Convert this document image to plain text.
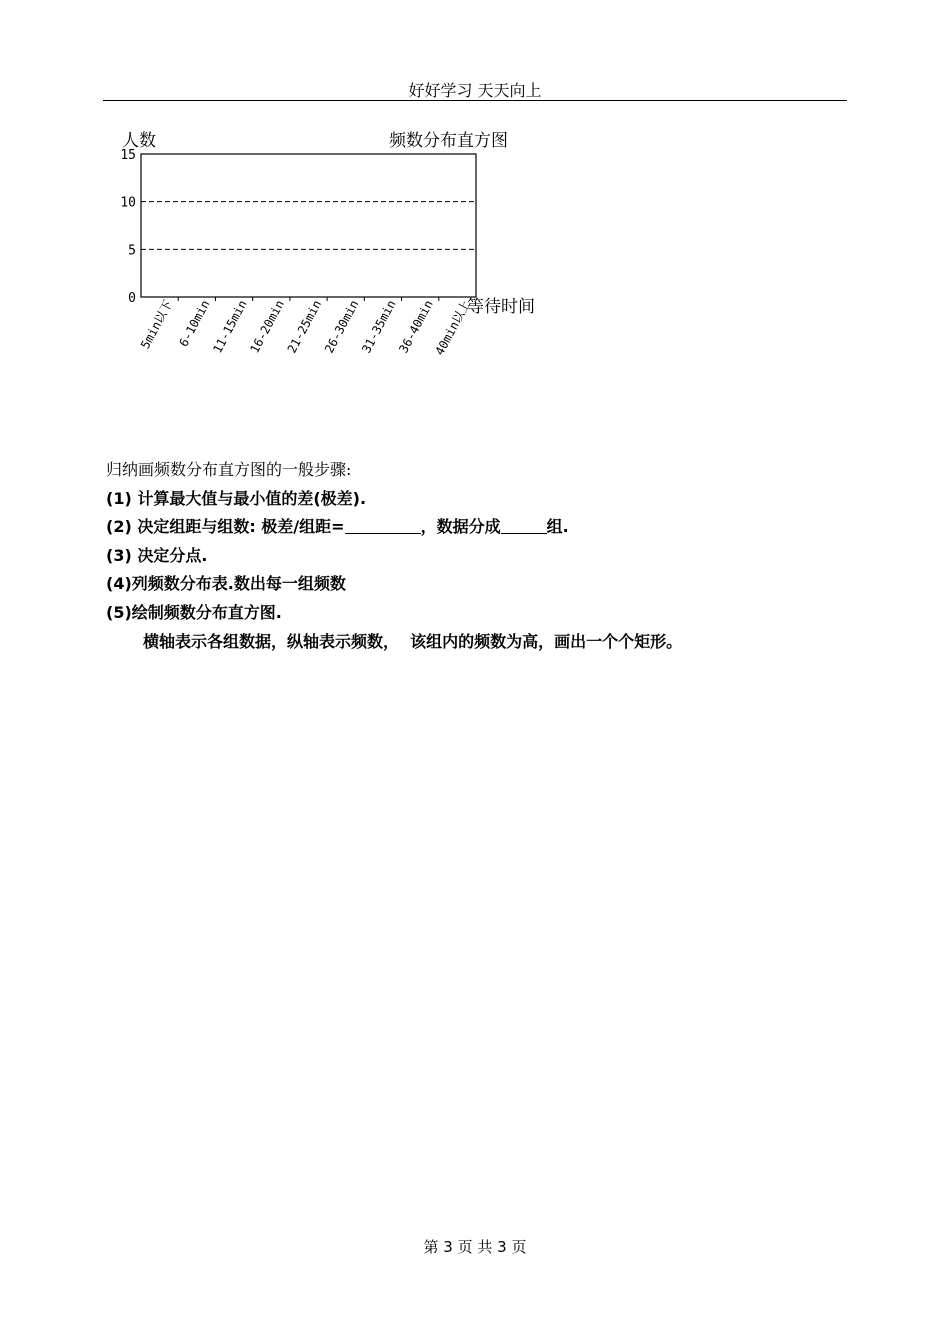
好好学习 天天向上
人数	频数分布直方图
0
5
10
15
5min以下 6-10min
11-15min
16-20min
21-25min
26-30min
31-35min
36-40min
40min以上
等待时间
归纳画频数分布直方图的一般步骤:
(1) 计算最大值与最小值的差(极差).
(2) 决定组距与组数: 极差/组距=	，数据分成	组.
(3) 决定分点.
(4)列频数分布表.数出每一组频数
(5)绘制频数分布直方图.
横轴表示各组数据，纵轴表示频数，  该组内的频数为高，画出一个个矩形。
第 3 页 共 3 页
